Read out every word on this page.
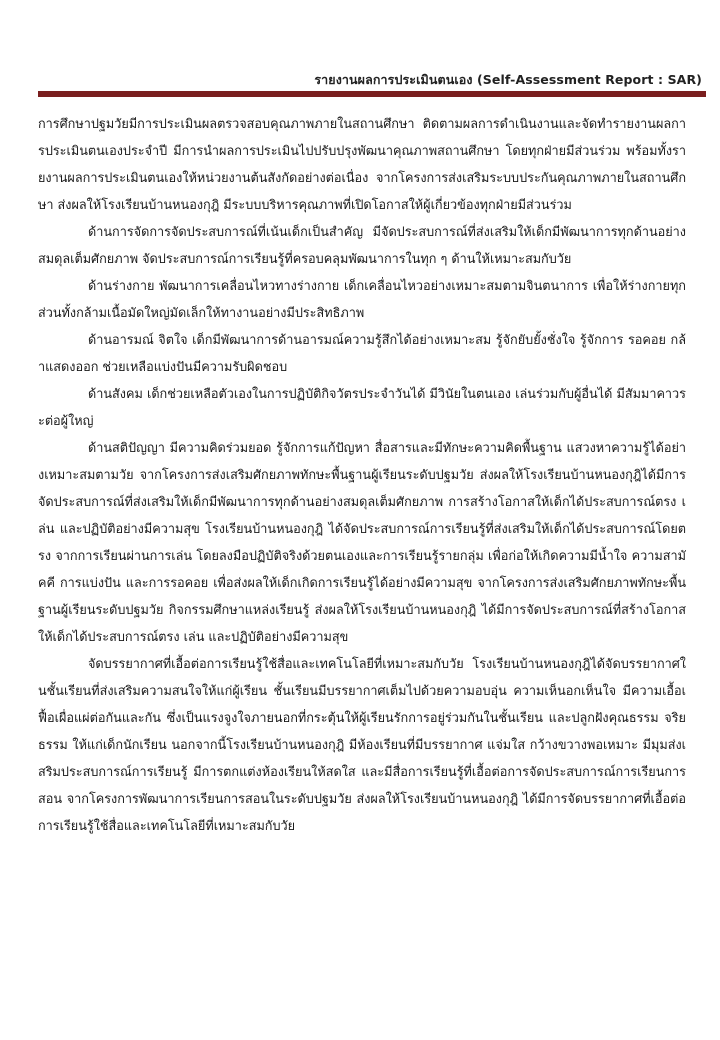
รายงานผลการประเมินตนเอง (Self-Assessment Report : SAR)

การศึกษาปฐมวัยมีการประเมินผลตรวจสอบคุณภาพภายในสถานศึกษา ติดตามผลการดำเนินงานและจัดทำรายงานผลการประเมินตนเองประจำปี มีการนำผลการประเมินไปปรับปรุงพัฒนาคุณภาพสถานศึกษา โดยทุกฝ่ายมีส่วนร่วม พร้อมทั้งรายงานผลการประเมินตนเองให้หน่วยงานต้นสังกัดอย่างต่อเนื่อง จากโครงการส่งเสริมระบบประกันคุณภาพภายในสถานศึกษา ส่งผลให้โรงเรียนบ้านหนองกุฎิ มีระบบบริหารคุณภาพที่เปิดโอกาสให้ผู้เกี่ยวข้องทุกฝ่ายมีส่วนร่วม

ด้านการจัดการจัดประสบการณ์ที่เน้นเด็กเป็นสำคัญ มีจัดประสบการณ์ที่ส่งเสริมให้เด็กมีพัฒนาการทุกด้านอย่างสมดุลเต็มศักยภาพ จัดประสบการณ์การเรียนรู้ที่ครอบคลุมพัฒนาการในทุก ๆ ด้านให้เหมาะสมกับวัย

ด้านร่างกาย พัฒนาการเคลื่อนไหวทางร่างกาย เด็กเคลื่อนไหวอย่างเหมาะสมตามจินตนาการ เพื่อให้ร่างกายทุกส่วนทั้งกล้ามเนื้อมัดใหญ่มัดเล็กให้ทางานอย่างมีประสิทธิภาพ

ด้านอารมณ์ จิตใจ เด็กมีพัฒนาการด้านอารมณ์ความรู้สึกได้อย่างเหมาะสม รู้จักยับยั้งชั่งใจ รู้จักการ รอคอย กล้าแสดงออก ช่วยเหลือแบ่งปันมีความรับผิดชอบ

ด้านสังคม เด็กช่วยเหลือตัวเองในการปฏิบัติกิจวัตรประจำวันได้ มีวินัยในตนเอง เล่นร่วมกับผู้อื่นได้ มีสัมมาคาวระต่อผู้ใหญ่

ด้านสติปัญญา มีความคิดร่วมยอด รู้จักการแก้ปัญหา สื่อสารและมีทักษะความคิดพื้นฐาน แสวงหาความรู้ได้อย่างเหมาะสมตามวัย จากโครงการส่งเสริมศักยภาพทักษะพื้นฐานผู้เรียนระดับปฐมวัย ส่งผลให้โรงเรียนบ้านหนองกุฎิได้มีการจัดประสบการณ์ที่ส่งเสริมให้เด็กมีพัฒนาการทุกด้านอย่างสมดุลเต็มศักยภาพ การสร้างโอกาสให้เด็กได้ประสบการณ์ตรง เล่น และปฏิบัติอย่างมีความสุข โรงเรียนบ้านหนองกุฎิ ได้จัดประสบการณ์การเรียนรู้ที่ส่งเสริมให้เด็กได้ประสบการณ์โดยตรง จากการเรียนผ่านการเล่น โดยลงมือปฏิบัติจริงด้วยตนเองและการเรียนรู้รายกลุ่ม เพื่อก่อให้เกิดความมีน้ำใจ ความสามัคคี การแบ่งปัน และการรอคอย เพื่อส่งผลให้เด็กเกิดการเรียนรู้ได้อย่างมีความสุข จากโครงการส่งเสริมศักยภาพทักษะพื้นฐานผู้เรียนระดับปฐมวัย กิจกรรมศึกษาแหล่งเรียนรู้ ส่งผลให้โรงเรียนบ้านหนองกุฎิ ได้มีการจัดประสบการณ์ที่สร้างโอกาสให้เด็กได้ประสบการณ์ตรง เล่น และปฏิบัติอย่างมีความสุข

จัดบรรยากาศที่เอื้อต่อการเรียนรู้ใช้สื่อและเทคโนโลยีที่เหมาะสมกับวัย โรงเรียนบ้านหนองกุฎิได้จัดบรรยากาศในชั้นเรียนที่ส่งเสริมความสนใจให้แก่ผู้เรียน ชั้นเรียนมีบรรยากาศเต็มไปด้วยความอบอุ่น ความเห็นอกเห็นใจ มีความเอื้อเฟื้อเผื่อแผ่ต่อกันและกัน ซึ่งเป็นแรงจูงใจภายนอกที่กระตุ้นให้ผู้เรียนรักการอยู่ร่วมกันในชั้นเรียน และปลูกฝังคุณธรรม จริยธรรม ให้แก่เด็กนักเรียน นอกจากนี้โรงเรียนบ้านหนองกุฎิ มีห้องเรียนที่มีบรรยากาศ แจ่มใส กว้างขวางพอเหมาะ มีมุมส่งเสริมประสบการณ์การเรียนรู้ มีการตกแต่งห้องเรียนให้สดใส และมีสื่อการเรียนรู้ที่เอื้อต่อการจัดประสบการณ์การเรียนการสอน จากโครงการพัฒนาการเรียนการสอนในระดับปฐมวัย ส่งผลให้โรงเรียนบ้านหนองกุฎิ ได้มีการจัดบรรยากาศที่เอื้อต่อการเรียนรู้ใช้สื่อและเทคโนโลยีที่เหมาะสมกับวัย
